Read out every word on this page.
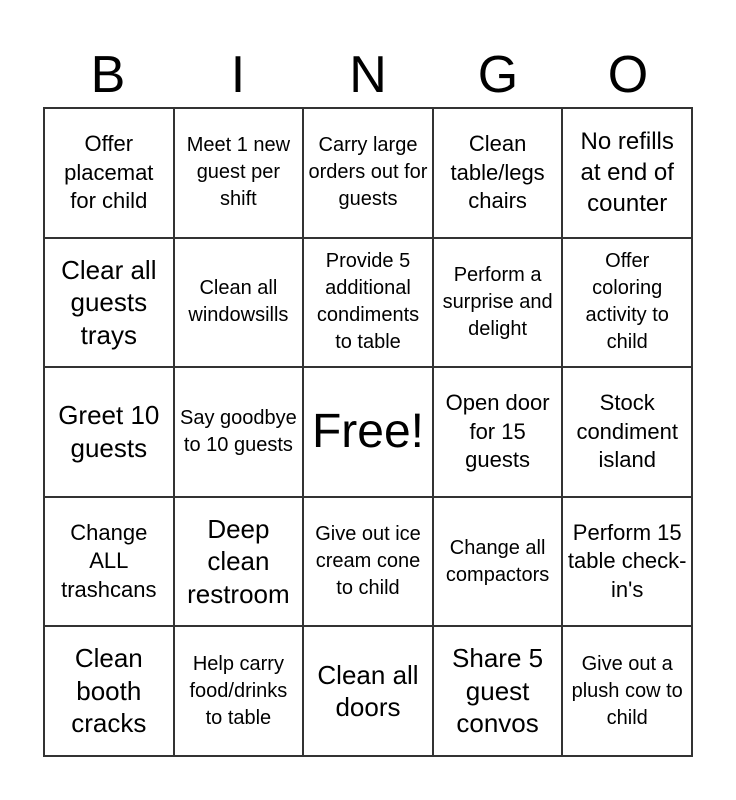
B	I	N	G	O
Offer placemat for child
Meet 1 new guest per shift
Carry large orders out for guests
Clean table/legs chairs
No refills at end of counter
Clear all guests trays
Clean all windowsills
Provide 5 additional condiments to table
Perform a surprise and delight
Offer coloring activity to child
Greet 10 guests
Say goodbye to 10 guests Free!
Open door for 15 guests
Stock condiment island
Change ALL trashcans
Deep clean restroom
Give out ice cream cone to child
Change all compactors
Perform 15 table check-in's
Clean booth cracks
Help carry food/drinks to table
Clean all doors
Share 5 guest convos
Give out a plush cow to child
